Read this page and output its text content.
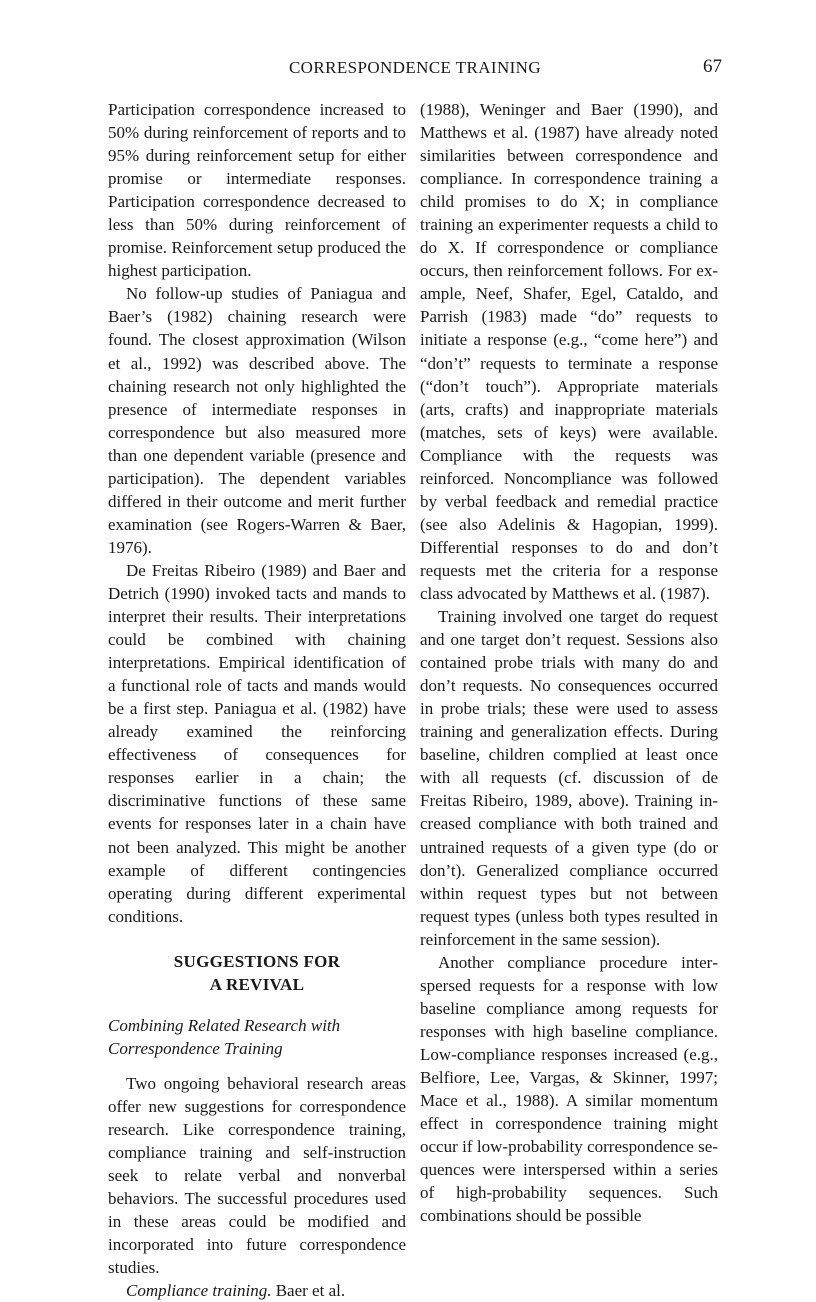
CORRESPONDENCE TRAINING	67

Participation correspondence increased to 50% during reinforcement of reports and to 95% during reinforcement setup for either promise or intermediate responses. Participation correspondence decreased to less than 50% during reinforcement of promise. Reinforcement setup produced the highest participation.

No follow-up studies of Paniagua and Baer’s (1982) chaining research were found. The closest approximation (Wilson et al., 1992) was described above. The chaining research not only highlighted the presence of intermediate responses in correspondence but also measured more than one dependent variable (presence and participation). The dependent variables differed in their outcome and merit further examination (see Rogers-Warren & Baer, 1976).

De Freitas Ribeiro (1989) and Baer and Detrich (1990) invoked tacts and mands to interpret their results. Their interpretations could be combined with chaining interpretations. Empirical identification of a functional role of tacts and mands would be a first step. Paniagua et al. (1982) have already examined the reinforcing effectiveness of consequences for responses earlier in a chain; the discriminative functions of these same events for responses later in a chain have not been analyzed. This might be another example of different contingencies operating during different experimental conditions.

SUGGESTIONS FOR
A REVIVAL
Combining Related Research with
Correspondence Training

Two ongoing behavioral research areas offer new suggestions for correspondence research. Like correspondence training, compliance training and self-instruction seek to relate verbal and nonverbal behaviors. The successful procedures used in these areas could be modified and incorporated into future correspondence studies.

Compliance training. Baer et al.

(1988), Weninger and Baer (1990), and Matthews et al. (1987) have already noted similarities between correspondence and compliance. In correspondence training a child promises to do X; in compliance training an experimenter requests a child to do X. If correspondence or compliance occurs, then reinforcement follows. For example, Neef, Shafer, Egel, Cataldo, and Parrish (1983) made “do” requests to initiate a response (e.g., “come here”) and “don’t” requests to terminate a response (“don’t touch”). Appropriate materials (arts, crafts) and inappropriate materials (matches, sets of keys) were available. Compliance with the requests was reinforced. Noncompliance was followed by verbal feedback and remedial practice (see also Adelinis & Hagopian, 1999). Differential responses to do and don’t requests met the criteria for a response class advocated by Matthews et al. (1987).

Training involved one target do request and one target don’t request. Sessions also contained probe trials with many do and don’t requests. No consequences occurred in probe trials; these were used to assess training and generalization effects. During baseline, children complied at least once with all requests (cf. discussion of de Freitas Ribeiro, 1989, above). Training increased compliance with both trained and untrained requests of a given type (do or don’t). Generalized compliance occurred within request types but not between request types (unless both types resulted in reinforcement in the same session).

Another compliance procedure interspersed requests for a response with low baseline compliance among requests for responses with high baseline compliance. Low-compliance responses increased (e.g., Belfiore, Lee, Vargas, & Skinner, 1997; Mace et al., 1988). A similar momentum effect in correspondence training might occur if low-probability correspondence sequences were interspersed within a series of high-probability sequences. Such combinations should be possible
